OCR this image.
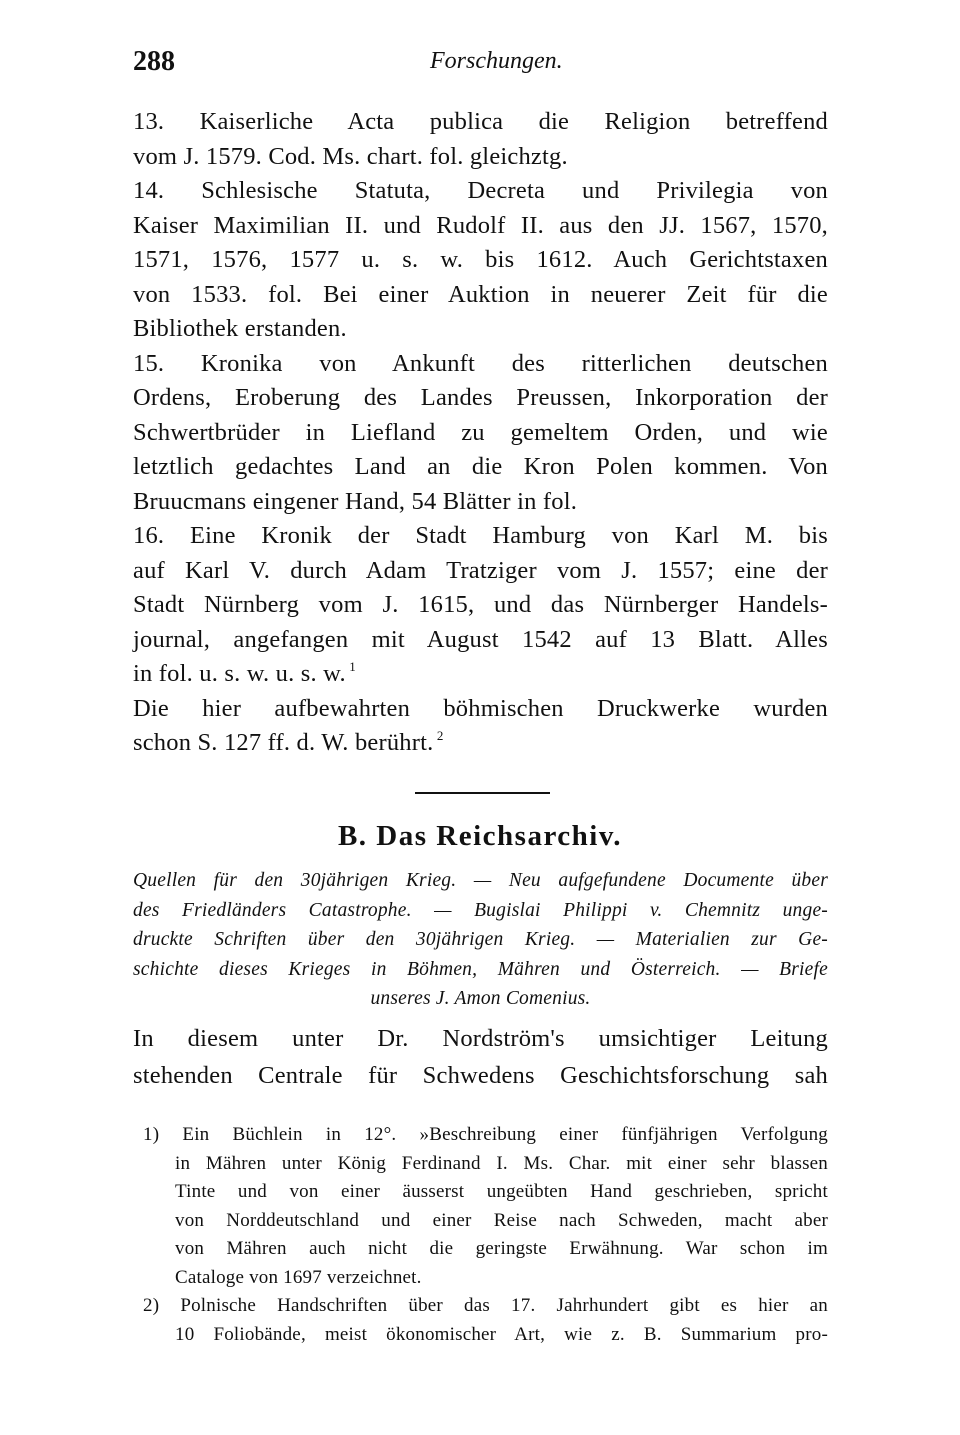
288	Forschungen.
13. Kaiserliche Acta publica die Religion betreffend
vom J. 1579. Cod. Ms. chart. fol. gleichztg.
14. Schlesische Statuta, Decreta und Privilegia von
Kaiser Maximilian II. und Rudolf II. aus den JJ. 1567, 1570,
1571, 1576, 1577 u. s. w. bis 1612. Auch Gerichtstaxen
von 1533. fol. Bei einer Auktion in neuerer Zeit für die
Bibliothek erstanden.
15. Kronika von Ankunft des ritterlichen deutschen
Ordens, Eroberung des Landes Preussen, Inkorporation der
Schwertbrüder in Liefland zu gemeltem Orden, und wie
letztlich gedachtes Land an die Kron Polen kommen. Von
Bruucmans eingener Hand, 54 Blätter in fol.
16. Eine Kronik der Stadt Hamburg von Karl M. bis
auf Karl V. durch Adam Tratziger vom J. 1557; eine der
Stadt Nürnberg vom J. 1615, und das Nürnberger Handels-
journal, angefangen mit August 1542 auf 13 Blatt. Alles
in fol. u. s. w. u. s. w. $^1$
Die hier aufbewahrten böhmischen Druckwerke wurden
schon S. 127 ff. d. W. berührt. $^2$
B. Das Reichsarchiv.
Quellen für den 30jährigen Krieg. — Neu aufgefundene Documente über
des Friedländers Catastrophe. — Bugislai Philippi v. Chemnitz unge-
druckte Schriften über den 30jährigen Krieg. — Materialien zur Ge-
schichte dieses Krieges in Böhmen, Mähren und Österreich. — Briefe
unseres J. Amon Comenius.
In diesem unter Dr. Nordström's umsichtiger Leitung
stehenden Centrale für Schwedens Geschichtsforschung sah
1) Ein Büchlein in 12°. »Beschreibung einer fünfjährigen Verfolgung
in Mähren unter König Ferdinand I. Ms. Char. mit einer sehr blassen
Tinte und von einer äusserst ungeübten Hand geschrieben, spricht
von Norddeutschland und einer Reise nach Schweden, macht aber
von Mähren auch nicht die geringste Erwähnung. War schon im
Cataloge von 1697 verzeichnet.
2) Polnische Handschriften über das 17. Jahrhundert gibt es hier an
10 Foliobände, meist ökonomischer Art, wie z. B. Summarium pro-
